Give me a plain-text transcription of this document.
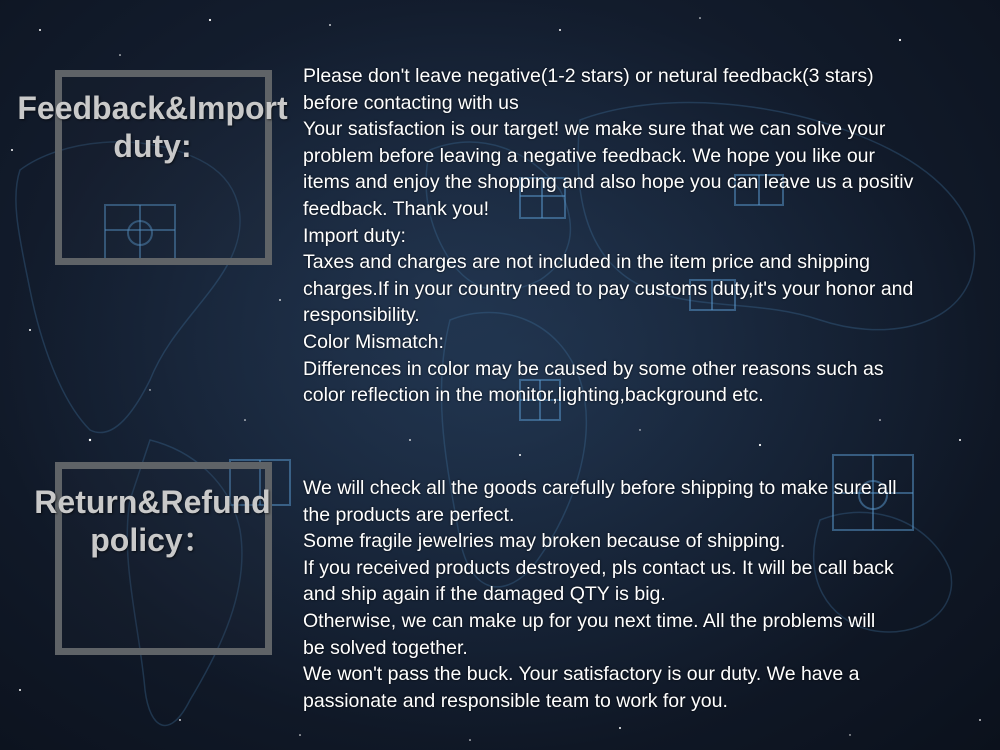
Feedback&Import
duty:
Return&Refund
policy：
Please don't leave negative(1-2 stars) or netural feedback(3 stars)
before contacting with us
Your satisfaction is our target! we make sure that we can solve your
problem before leaving a negative feedback. We hope you like our
items and enjoy the shopping and also hope you can leave us a positiv
feedback. Thank you!
Import duty:
Taxes and charges are not included in the item price and shipping
charges.If in your country need to pay customs duty,it's your honor and
responsibility.
Color Mismatch:
Differences in color may be caused by some other reasons such as
color reflection in the monitor,lighting,background etc.
We will check all the goods carefully before shipping to make sure all
the products are perfect.
Some fragile jewelries may broken because of shipping.
If you received products destroyed, pls contact us. It will be call back
and ship again if the damaged QTY is big.
Otherwise, we can make up for you next time. All the problems will
be solved together.
We won't pass the buck. Your satisfactory is our duty. We have a
passionate and responsible team to work for you.
